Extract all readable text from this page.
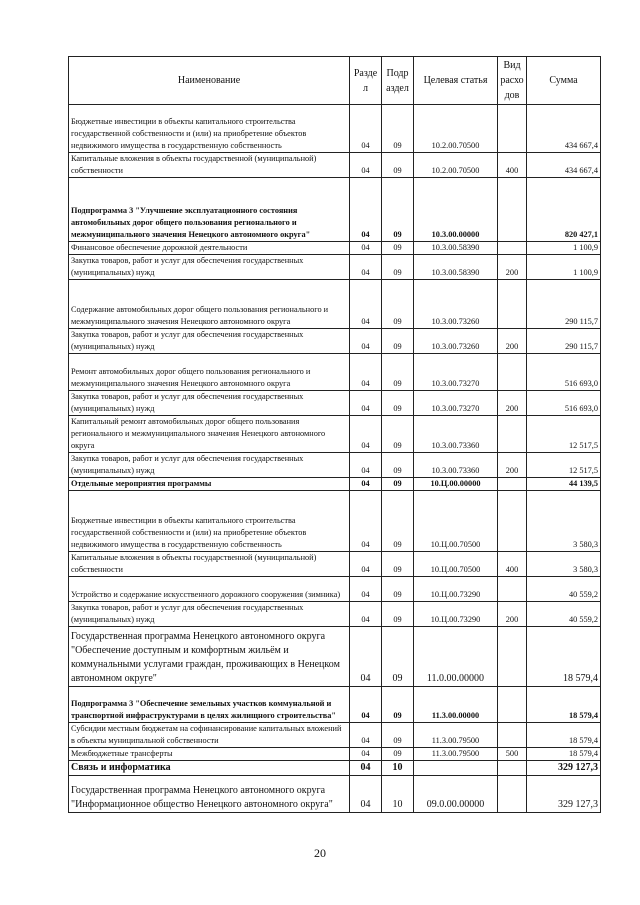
Наименование	Разде л	Подр аздел	Целевая статья	Вид расхо дов	Сумма
Бюджетные инвестиции в объекты капитального строительства государственной собственности и (или) на приобретение объектов недвижимого имущества в государственную собственность	04	09	10.2.00.70500		434 667,4
Капитальные вложения в объекты государственной (муниципальной) собственности	04	09	10.2.00.70500	400	434 667,4
Подпрограмма 3 "Улучшение эксплуатационного состояния автомобильных дорог общего пользования регионального и межмуниципального значения Ненецкого автономного округа"	04	09	10.3.00.00000		820 427,1
Финансовое обеспечение дорожной деятельности	04	09	10.3.00.58390		1 100,9
Закупка товаров, работ и услуг для обеспечения государственных (муниципальных) нужд	04	09	10.3.00.58390	200	1 100,9
Содержание автомобильных дорог общего пользования регионального и межмуниципального значения Ненецкого автономного округа	04	09	10.3.00.73260		290 115,7
Закупка товаров, работ и услуг для обеспечения государственных (муниципальных) нужд	04	09	10.3.00.73260	200	290 115,7
Ремонт автомобильных дорог общего пользования регионального и межмуниципального значения Ненецкого автономного округа	04	09	10.3.00.73270		516 693,0
Закупка товаров, работ и услуг для обеспечения государственных (муниципальных) нужд	04	09	10.3.00.73270	200	516 693,0
Капитальный ремонт автомобильных дорог общего пользования регионального и межмуниципального значения Ненецкого автономного округа	04	09	10.3.00.73360		12 517,5
Закупка товаров, работ и услуг для обеспечения государственных (муниципальных) нужд	04	09	10.3.00.73360	200	12 517,5
Отдельные мероприятия программы	04	09	10.Ц.00.00000		44 139,5
Бюджетные инвестиции в объекты капитального строительства государственной собственности и (или) на приобретение объектов недвижимого имущества в государственную собственность	04	09	10.Ц.00.70500		3 580,3
Капитальные вложения в объекты государственной (муниципальной) собственности	04	09	10.Ц.00.70500	400	3 580,3
Устройство и содержание искусственного дорожного сооружения (зимника)	04	09	10.Ц.00.73290		40 559,2
Закупка товаров, работ и услуг для обеспечения государственных (муниципальных) нужд	04	09	10.Ц.00.73290	200	40 559,2
Государственная программа Ненецкого автономного округа "Обеспечение доступным и комфортным жильём и коммунальными услугами граждан, проживающих в Ненецком автономном округе"	04	09	11.0.00.00000		18 579,4
Подпрограмма 3 "Обеспечение земельных участков коммунальной и транспортной инфраструктурами в целях жилищного строительства"	04	09	11.3.00.00000		18 579,4
Субсидии местным бюджетам на софинансирование капитальных вложений в объекты муниципальной собственности	04	09	11.3.00.79500		18 579,4
Межбюджетные трансферты	04	09	11.3.00.79500	500	18 579,4
Связь и информатика	04	10			329 127,3
Государственная программа Ненецкого автономного округа "Информационное общество Ненецкого автономного округа"	04	10	09.0.00.00000		329 127,3
20
